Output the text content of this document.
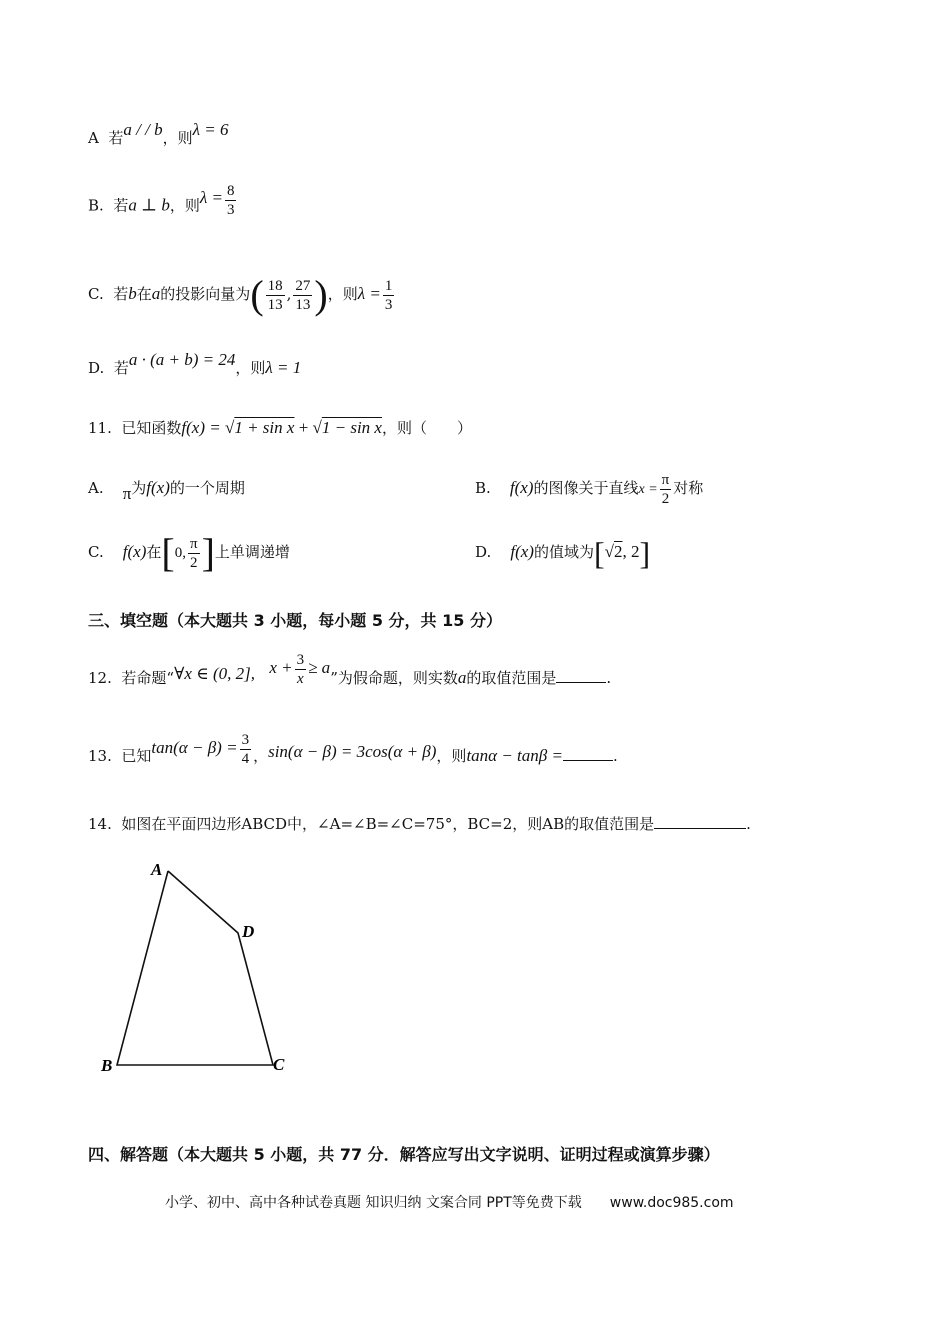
A 若a / / b，则λ = 6
B. 若a ⊥ b，则$\lambda = \frac{8}{3}$
C. 若b在a的投影向量为( $\frac{18}{13}$ , $\frac{27}{13}$ )，则$\lambda = \frac{1}{3}$
D. 若a · (a + b) = 24，则λ = 1
11. 已知函数f(x) = √1 + sin x + √1 − sin x，则（　　）
A. π为f(x)的一个周期	B. f(x)的图像关于直线$x = \frac{\pi}{2}$ 对称
C. f(x)在[0, $\frac{\pi}{2}$ ]上单调递增	D. f(x)的值域为[√2, 2]
三、填空题（本大题共 3 小题，每小题 5 分，共 15 分）
12. 若命题“∀x ∈ (0, 2], $x + \frac{3}{x} \ge a$”为假命题，则实数a的取值范围是	.
13. 已知$\tan(\alpha - \beta) = \frac{3}{4}$ ，sin(α − β) = 3cos(α + β)，则tanα − tanβ =	.
14. 如图在平面四边形ABCD中，∠A=∠B=∠C=75°，BC=2，则AB的取值范围是	.
A
D
B	C
四、解答题（本大题共 5 小题，共 77 分．解答应写出文字说明、证明过程或演算步骤）
小学、初中、高中各种试卷真题 知识归纳 文案合同 PPT等免费下载 www.doc985.com
